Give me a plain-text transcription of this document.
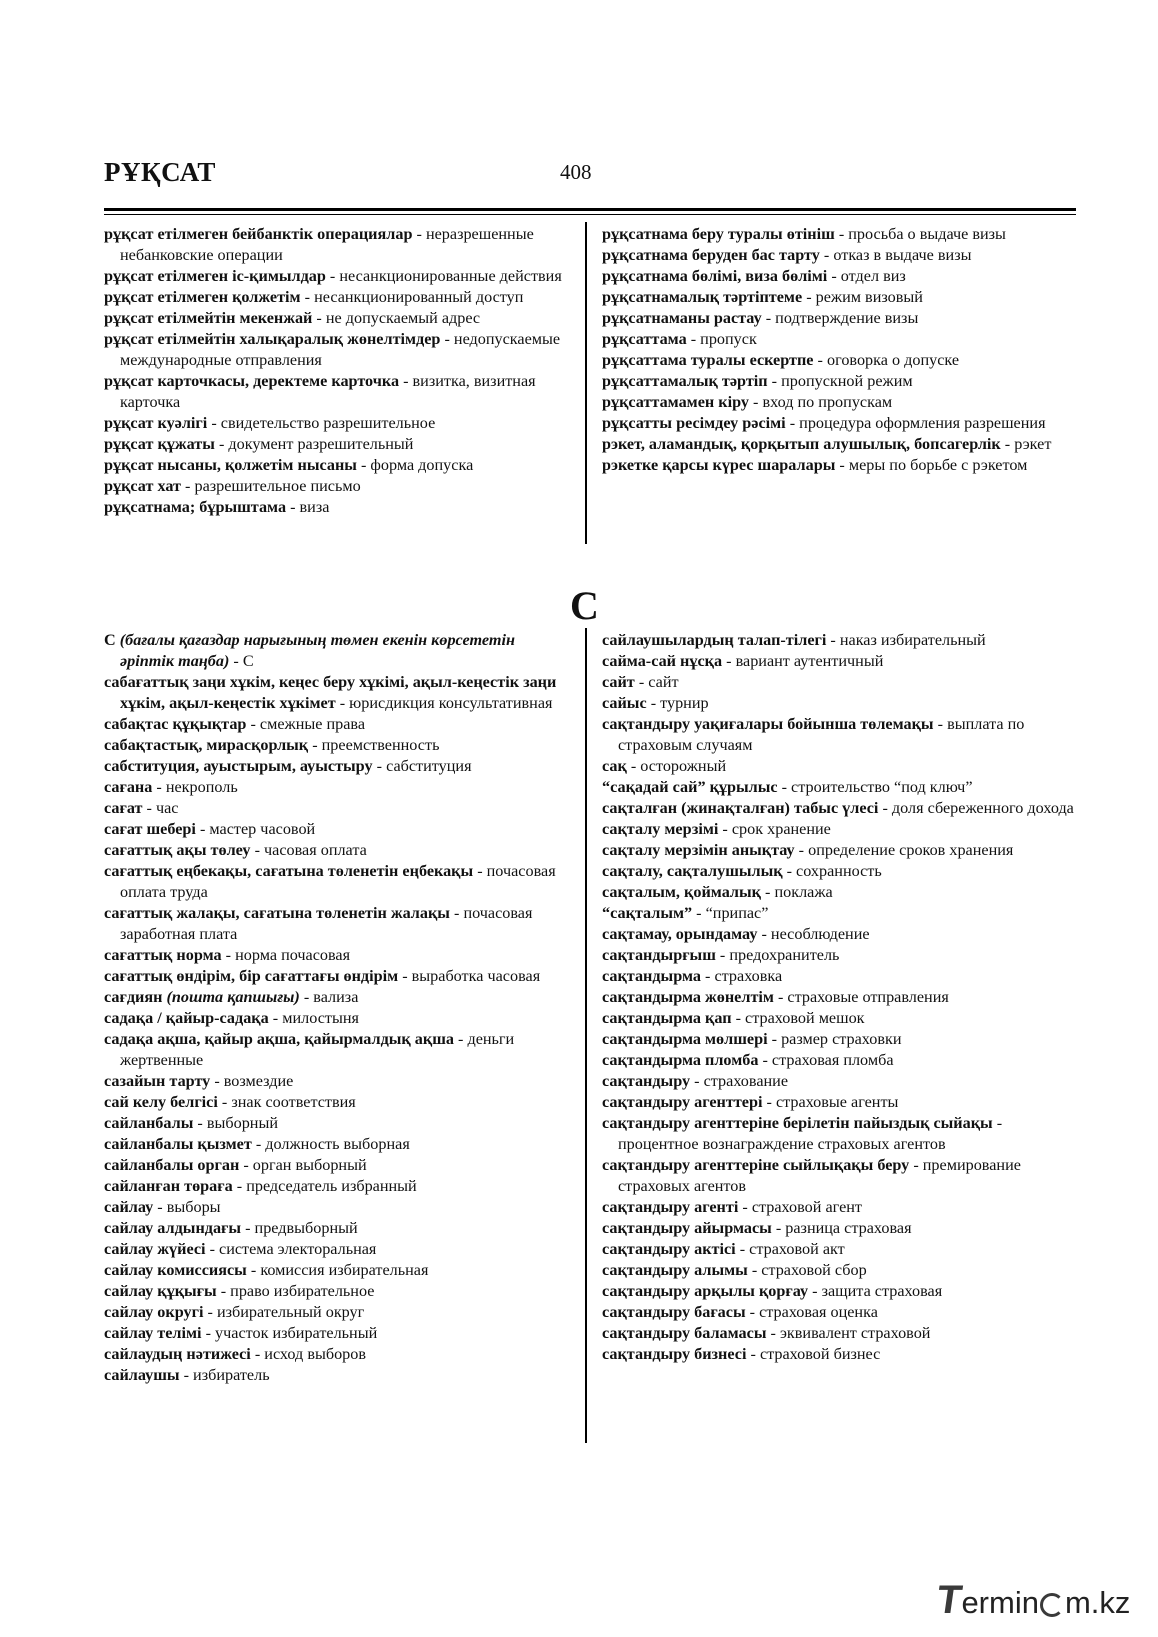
РҰҚСАТ	408
рұқсат етілмеген бейбанктік операциялар - неразрешенные небанковские операции
рұқсат етілмеген іс-қимылдар - несанкционированные действия
рұқсат етілмеген қолжетім - несанкционированный доступ
рұқсат етілмейтін мекенжай - не допускаемый адрес
рұқсат етілмейтін халықаралық жөнелтімдер - недопускаемые международные отправления
рұқсат карточкасы, деректеме карточка - визитка, визитная карточка
рұқсат куәлігі - свидетельство разрешительное
рұқсат құжаты - документ разрешительный
рұқсат нысаны, қолжетім нысаны - форма допуска
рұқсат хат - разрешительное письмо
рұқсатнама; бұрыштама - виза
рұқсатнама беру туралы өтініш - просьба о выдаче визы
рұқсатнама беруден бас тарту - отказ в выдаче визы
рұқсатнама бөлімі, виза бөлімі - отдел виз
рұқсатнамалық тәртіптеме - режим визовый
рұқсатнаманы растау - подтверждение визы
рұқсаттама - пропуск
рұқсаттама туралы ескертпе - оговорка о допуске
рұқсаттамалық тәртіп - пропускной режим
рұқсаттамамен кіру - вход по пропускам
рұқсатты ресімдеу рәсімі - процедура оформления разрешения
рэкет, аламандық, қорқытып алушылық, бопсагерлік - рэкет
рэкетке қарсы күрес шаралары - меры по борьбе с рэкетом
С
С (бағалы қағаздар нарығының төмен екенін көрсететін әріптік таңба) - С
сабағаттық заңи хұкім, кеңес беру хұкімі, ақыл-кеңестік заңи хұкім, ақыл-кеңестік хұкімет - юрисдикция консультативная
сабақтас құқықтар - смежные права
сабақтастық, мирасқорлық - преемственность
сабституция, ауыстырым, ауыстыру - сабституция
сағана - некрополь
сағат - час
сағат шебері - мастер часовой
сағаттық ақы төлеу - часовая оплата
сағаттық еңбекақы, сағатына төленетін еңбекақы - почасовая оплата труда
сағаттық жалақы, сағатына төленетін жалақы - почасовая заработная плата
сағаттық норма - норма почасовая
сағаттық өндірім, бір сағаттағы өндірім - выработка часовая
сағдиян (пошта қапшығы) - вализа
садақа / қайыр-садақа - милостыня
садақа ақша, қайыр ақша, қайырмалдық ақша - деньги жертвенные
сазайын тарту - возмездие
сай келу белгісі - знак соответствия
сайланбалы - выборный
сайланбалы қызмет - должность выборная
сайланбалы орган - орган выборный
сайланған төраға - председатель избранный
сайлау - выборы
сайлау алдындағы - предвыборный
сайлау жүйесі - система электоральная
сайлау комиссиясы - комиссия избирательная
сайлау құқығы - право избирательное
сайлау округі - избирательный округ
сайлау телімі - участок избирательный
сайлаудың нәтижесі - исход выборов
сайлаушы - избиратель
сайлаушылардың талап-тілегі - наказ избирательный
сайма-сай нұсқа - вариант аутентичный
сайт - сайт
сайыс - турнир
сақтандыру уақиғалары бойынша төлемақы - выплата по страховым случаям
сақ - осторожный
“сақадай сай” құрылыс - строительство “под ключ”
сақталған (жинақталған) табыс үлесі - доля сбереженного дохода
сақталу мерзімі - срок хранение
сақталу мерзімін анықтау - определение сроков хранения
сақталу, сақталушылық - сохранность
сақталым, қоймалық - поклажа
“сақталым” - “припас”
сақтамау, орындамау - несоблюдение
сақтандырғыш - предохранитель
сақтандырма - страховка
сақтандырма жөнелтім - страховые отправления
сақтандырма қап - страховой мешок
сақтандырма мөлшері - размер страховки
сақтандырма пломба - страховая пломба
сақтандыру - страхование
сақтандыру агенттері - страховые агенты
сақтандыру агенттеріне берілетін пайыздық сыйақы - процентное вознаграждение страховых агентов
сақтандыру агенттеріне сыйлықақы беру - премирование страховых агентов
сақтандыру агенті - страховой агент
сақтандыру айырмасы - разница страховая
сақтандыру актісі - страховой акт
сақтандыру алымы - страховой сбор
сақтандыру арқылы қорғау - защита страховая
сақтандыру бағасы - страховая оценка
сақтандыру баламасы - эквивалент страховой
сақтандыру бизнесі - страховой бизнес
Termin m.kz
